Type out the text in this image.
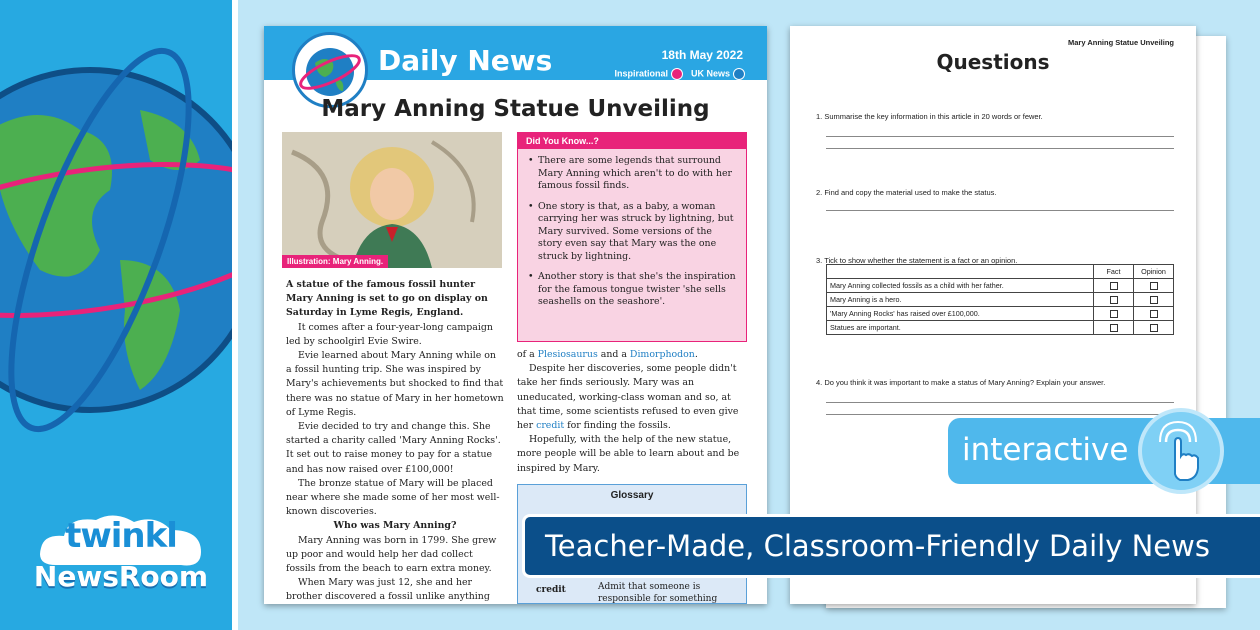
twinkl
NewsRoom
Daily News	18th May 2022
Inspirational	UK News
Mary Anning Statue Unveiling
Illustration: Mary Anning.
Did You Know...?
• There are some legends that surround Mary Anning which aren't to do with her famous fossil finds.
• One story is that, as a baby, a woman carrying her was struck by lightning, but Mary survived. Some versions of the story even say that Mary was the one struck by lightning.
• Another story is that she's the inspiration for the famous tongue twister 'she sells seashells on the seashore'.

A statue of the famous fossil hunter Mary Anning is set to go on display on Saturday in Lyme Regis, England.

It comes after a four-year-long campaign led by schoolgirl Evie Swire.

Evie learned about Mary Anning while on a fossil hunting trip. She was inspired by Mary's achievements but shocked to find that there was no statue of Mary in her hometown of Lyme Regis.

Evie decided to try and change this. She started a charity called 'Mary Anning Rocks'. It set out to raise money to pay for a statue and has now raised over £100,000!

The bronze statue of Mary will be placed near where she made some of her most well-known discoveries.

Who was Mary Anning?

Mary Anning was born in 1799. She grew up poor and would help her dad collect fossils from the beach to earn extra money.

When Mary was just 12, she and her brother discovered a fossil unlike anything

of a Plesiosaurus and a Dimorphodon.

Despite her discoveries, some people didn't take her finds seriously. Mary was an uneducated, working-class woman and so, at that time, some scientists refused to even give her credit for finding the fossils.

Hopefully, with the help of the new statue, more people will be able to learn about and be inspired by Mary.

Glossary
credit	Admit that someone is responsible for something
Mary Anning Statue Unveiling
Questions
1. Summarise the key information in this article in 20 words or fewer.
2. Find and copy the material used to make the status.
3. Tick to show whether the statement is a fact or an opinion.
	Fact	Opinion
Mary Anning collected fossils as a child with her father.		
Mary Anning is a hero.		
'Mary Anning Rocks' has raised over £100,000.		
Statues are important.		
4. Do you think it was important to make a status of Mary Anning? Explain your answer.
interactive
Teacher-Made, Classroom-Friendly Daily News
